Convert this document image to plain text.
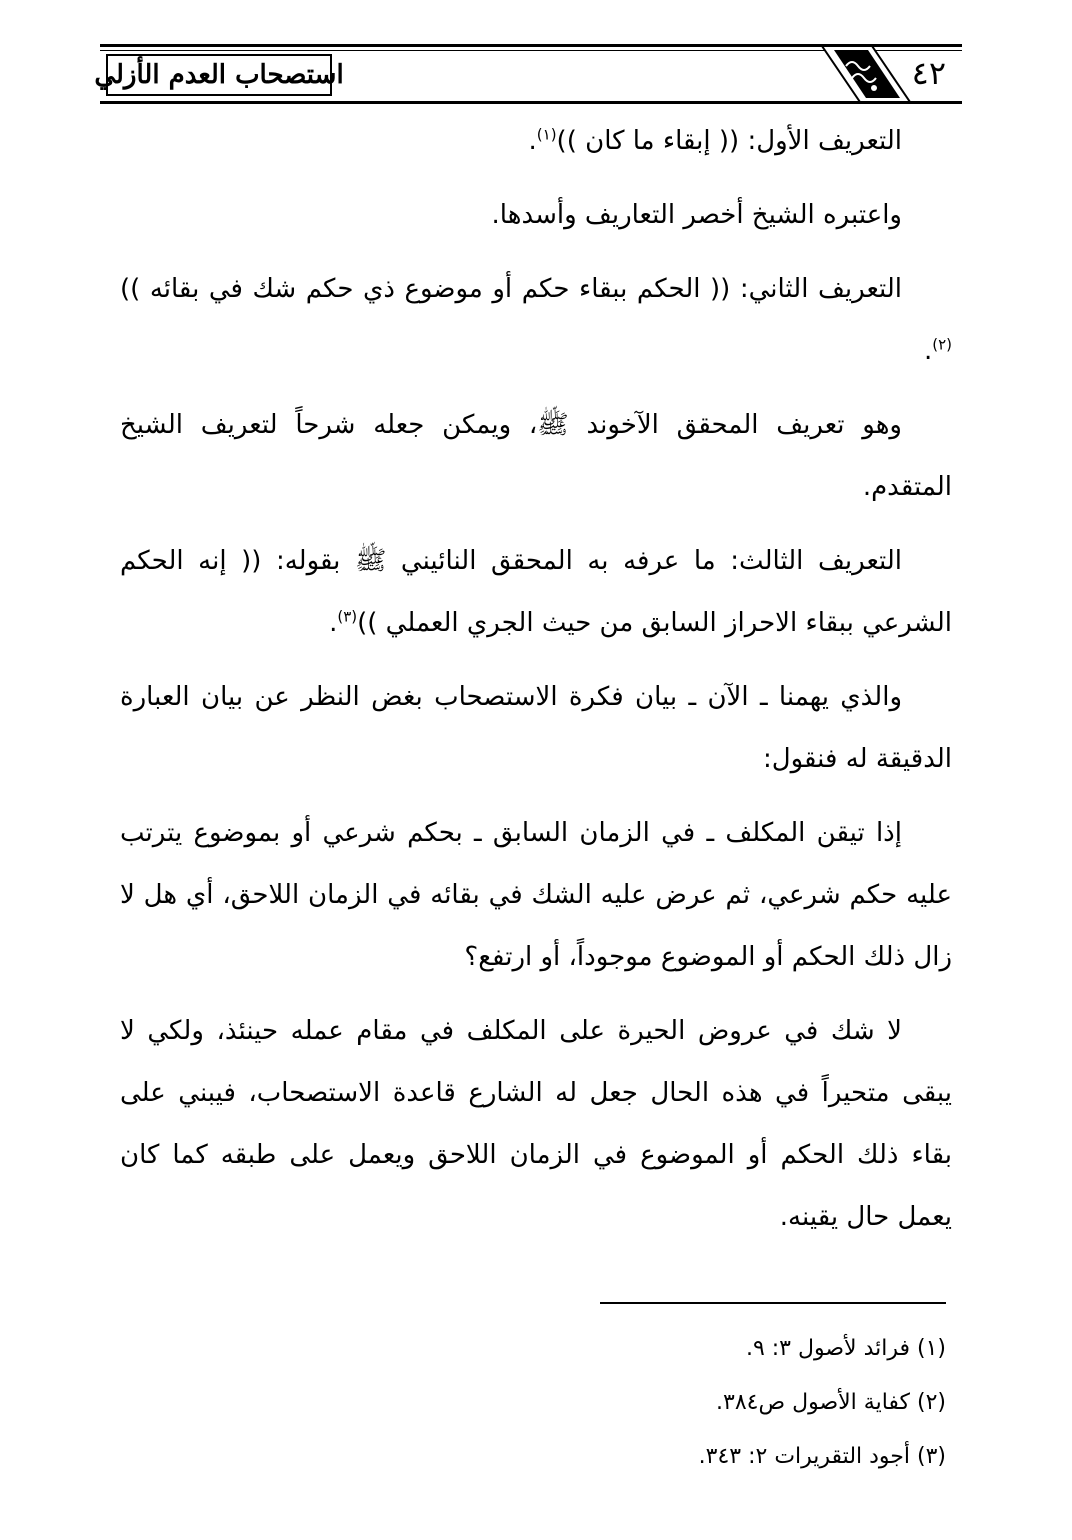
استصحاب العدم الأزلي	٤٢

التعريف الأول: (( إبقاء ما كان ))$^{(١)}$.

واعتبره الشيخ أخصر التعاريف وأسدها.

التعريف الثاني: (( الحكم ببقاء حكم أو موضوع ذي حكم شك في بقائه ))$^{(٢)}$.

وهو تعريف المحقق الآخوند ﷺ، ويمكن جعله شرحاً لتعريف الشيخ المتقدم.

التعريف الثالث: ما عرفه به المحقق النائيني ﷺ بقوله: (( إنه الحكم الشرعي ببقاء الاحراز السابق من حيث الجري العملي ))$^{(٣)}$.

والذي يهمنا ـ الآن ـ بيان فكرة الاستصحاب بغض النظر عن بيان العبارة الدقيقة له فنقول:

إذا تيقن المكلف ـ في الزمان السابق ـ بحكم شرعي أو بموضوع يترتب عليه حكم شرعي، ثم عرض عليه الشك في بقائه في الزمان اللاحق، أي هل لا زال ذلك الحكم أو الموضوع موجوداً، أو ارتفع؟

لا شك في عروض الحيرة على المكلف في مقام عمله حينئذ، ولكي لا يبقى متحيراً في هذه الحال جعل له الشارع قاعدة الاستصحاب، فيبني على بقاء ذلك الحكم أو الموضوع في الزمان اللاحق ويعمل على طبقه كما كان يعمل حال يقينه.

(١) فرائد لأصول ٣: ٩.

(٢) كفاية الأصول ص٣٨٤.

(٣) أجود التقريرات ٢: ٣٤٣.
